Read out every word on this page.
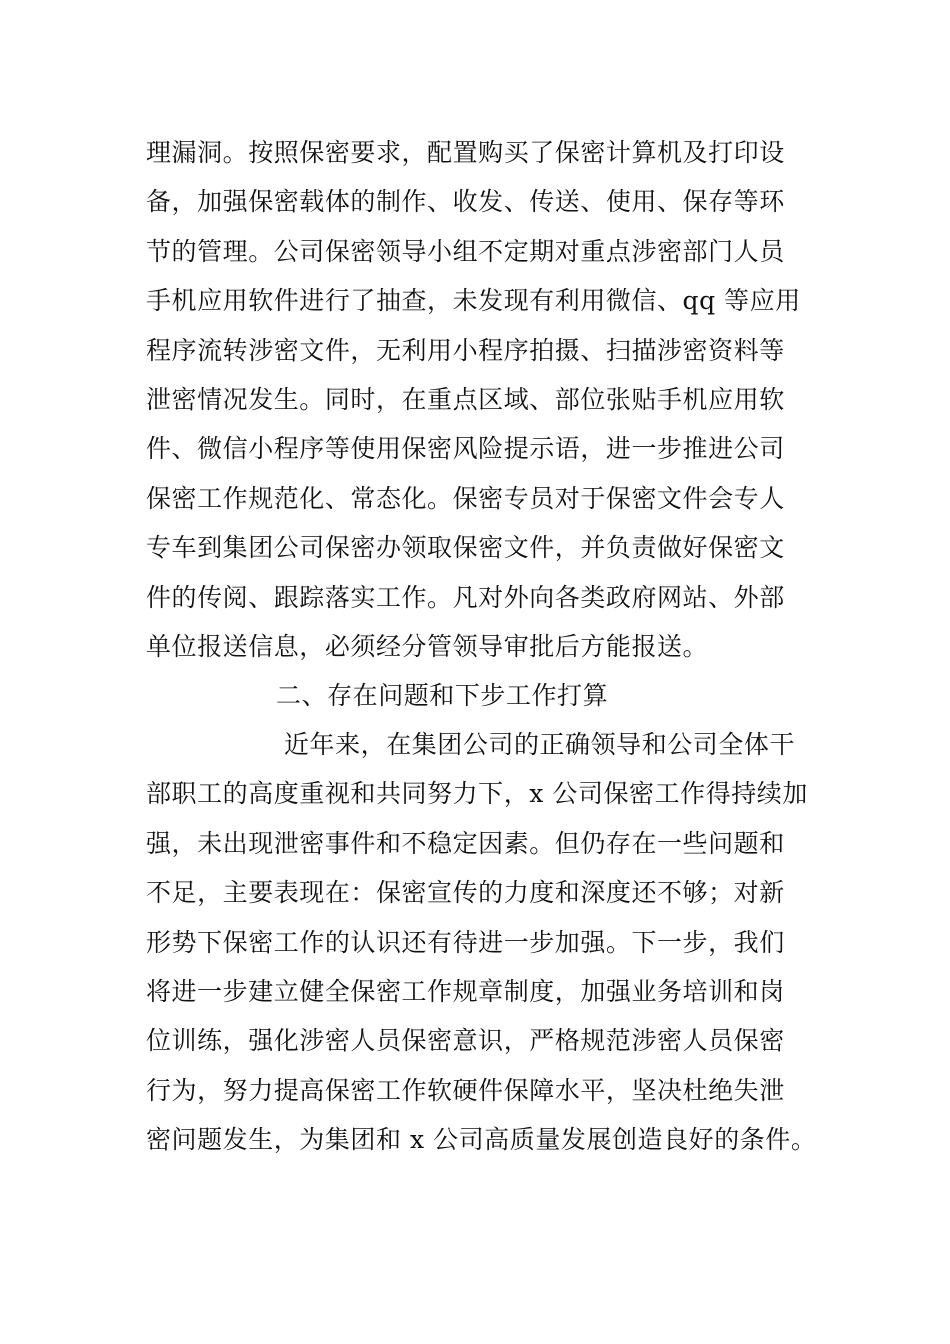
理漏洞。按照保密要求，配置购买了保密计算机及打印设
备，加强保密载体的制作、收发、传送、使用、保存等环
节的管理。公司保密领导小组不定期对重点涉密部门人员
手机应用软件进行了抽查，未发现有利用微信、qq 等应用
程序流转涉密文件，无利用小程序拍摄、扫描涉密资料等
泄密情况发生。同时，在重点区域、部位张贴手机应用软
件、微信小程序等使用保密风险提示语，进一步推进公司
保密工作规范化、常态化。保密专员对于保密文件会专人
专车到集团公司保密办领取保密文件，并负责做好保密文
件的传阅、跟踪落实工作。凡对外向各类政府网站、外部
单位报送信息，必须经分管领导审批后方能报送。
二、存在问题和下步工作打算
近年来，在集团公司的正确领导和公司全体干
部职工的高度重视和共同努力下，x 公司保密工作得持续加
强，未出现泄密事件和不稳定因素。但仍存在一些问题和
不足，主要表现在：保密宣传的力度和深度还不够；对新
形势下保密工作的认识还有待进一步加强。下一步，我们
将进一步建立健全保密工作规章制度，加强业务培训和岗
位训练，强化涉密人员保密意识，严格规范涉密人员保密
行为，努力提高保密工作软硬件保障水平，坚决杜绝失泄
密问题发生，为集团和 x 公司高质量发展创造良好的条件。
